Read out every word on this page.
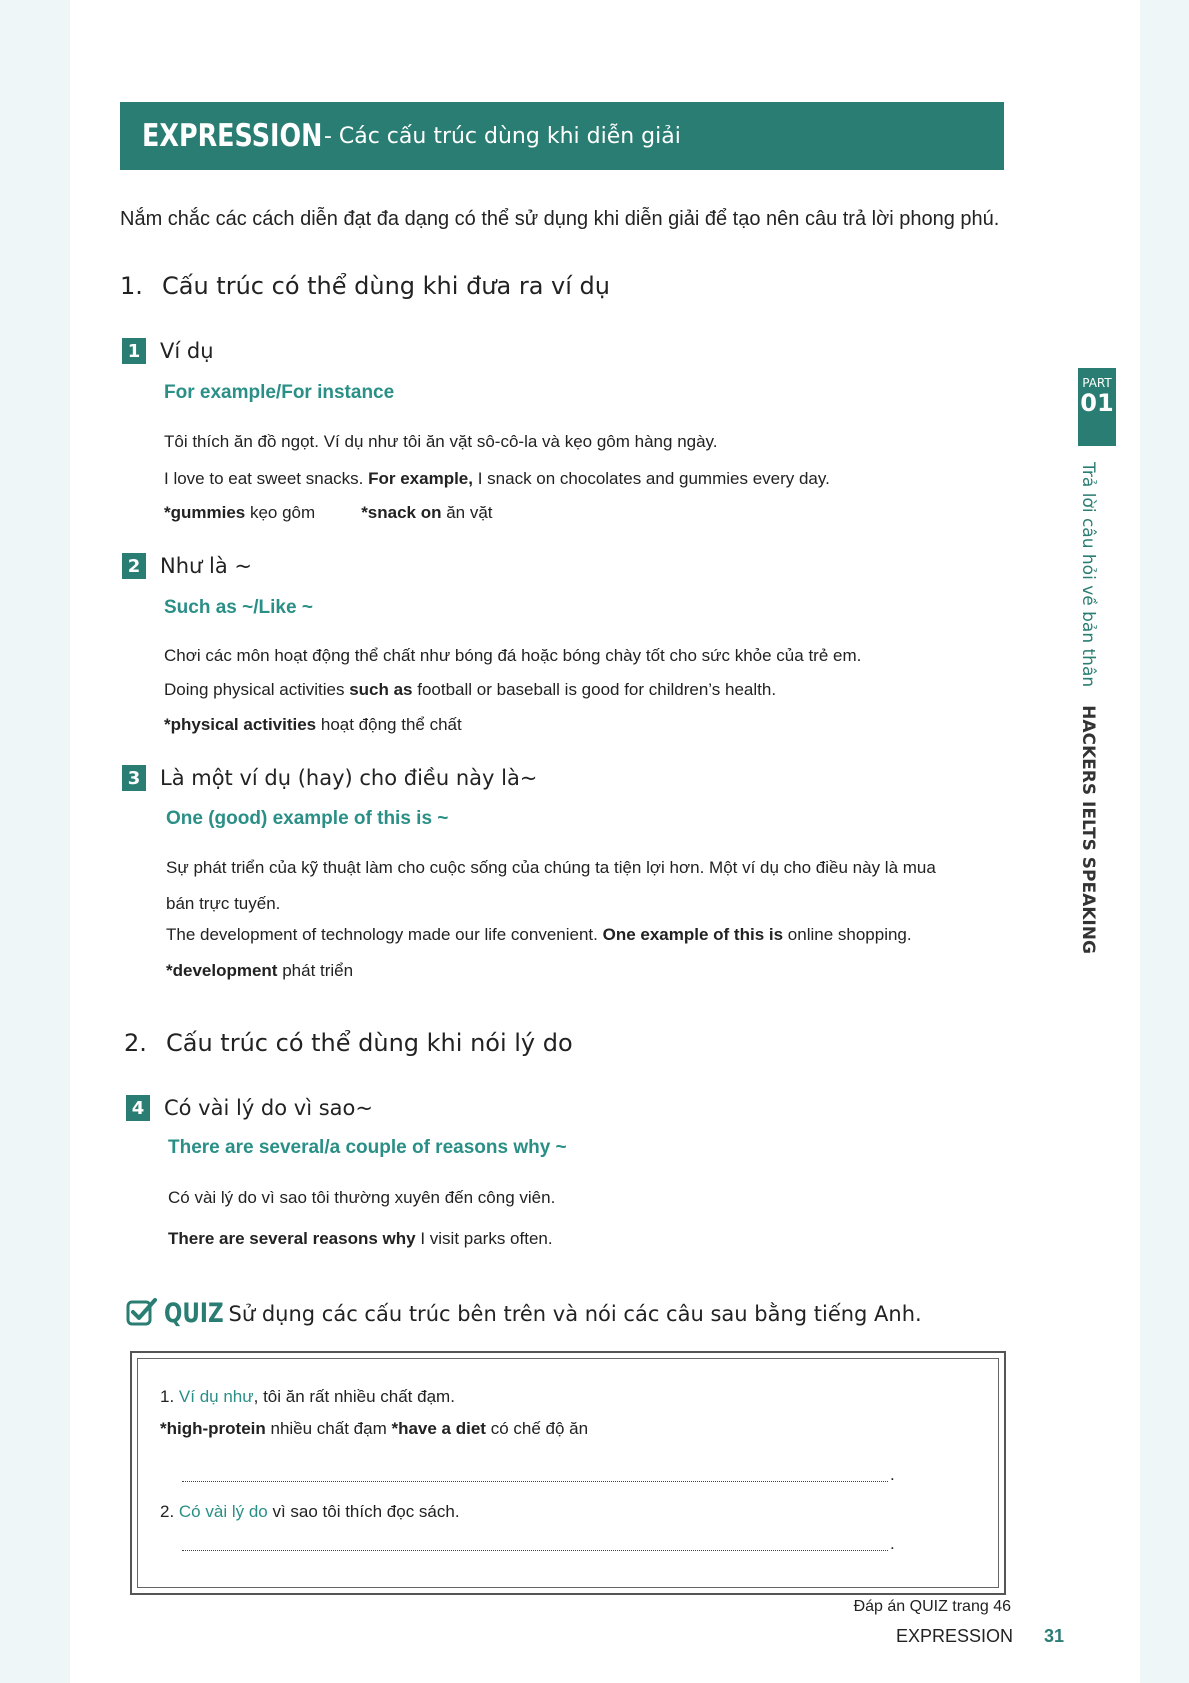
EXPRESSION - Các cấu trúc dùng khi diễn giải
Nắm chắc các cách diễn đạt đa dạng có thể sử dụng khi diễn giải để tạo nên câu trả lời phong phú.
1. Cấu trúc có thể dùng khi đưa ra ví dụ
1 Ví dụ
For example/For instance
Tôi thích ăn đồ ngọt. Ví dụ như tôi ăn vặt sô-cô-la và kẹo gôm hàng ngày.
I love to eat sweet snacks. For example, I snack on chocolates and gummies every day.
*gummies kẹo gôm	*snack on ăn vặt
2 Như là ~
Such as ~/Like ~
Chơi các môn hoạt động thể chất như bóng đá hoặc bóng chày tốt cho sức khỏe của trẻ em.
Doing physical activities such as football or baseball is good for children’s health.
*physical activities hoạt động thể chất
3 Là một ví dụ (hay) cho điều này là~
One (good) example of this is ~
Sự phát triển của kỹ thuật làm cho cuộc sống của chúng ta tiện lợi hơn. Một ví dụ cho điều này là mua
bán trực tuyến.
The development of technology made our life convenient. One example of this is online shopping.
*development phát triển
2. Cấu trúc có thể dùng khi nói lý do
4 Có vài lý do vì sao~
There are several/a couple of reasons why ~
Có vài lý do vì sao tôi thường xuyên đến công viên.
There are several reasons why I visit parks often.
QUIZ Sử dụng các cấu trúc bên trên và nói các câu sau bằng tiếng Anh.
1. Ví dụ như, tôi ăn rất nhiều chất đạm.
*high-protein nhiều chất đạm *have a diet có chế độ ăn
.
2. Có vài lý do vì sao tôi thích đọc sách.
.
Đáp án QUIZ trang 46
EXPRESSION 31
PART
01
Trả lời câu hỏi về bản thânHACKERS IELTS SPEAKING
